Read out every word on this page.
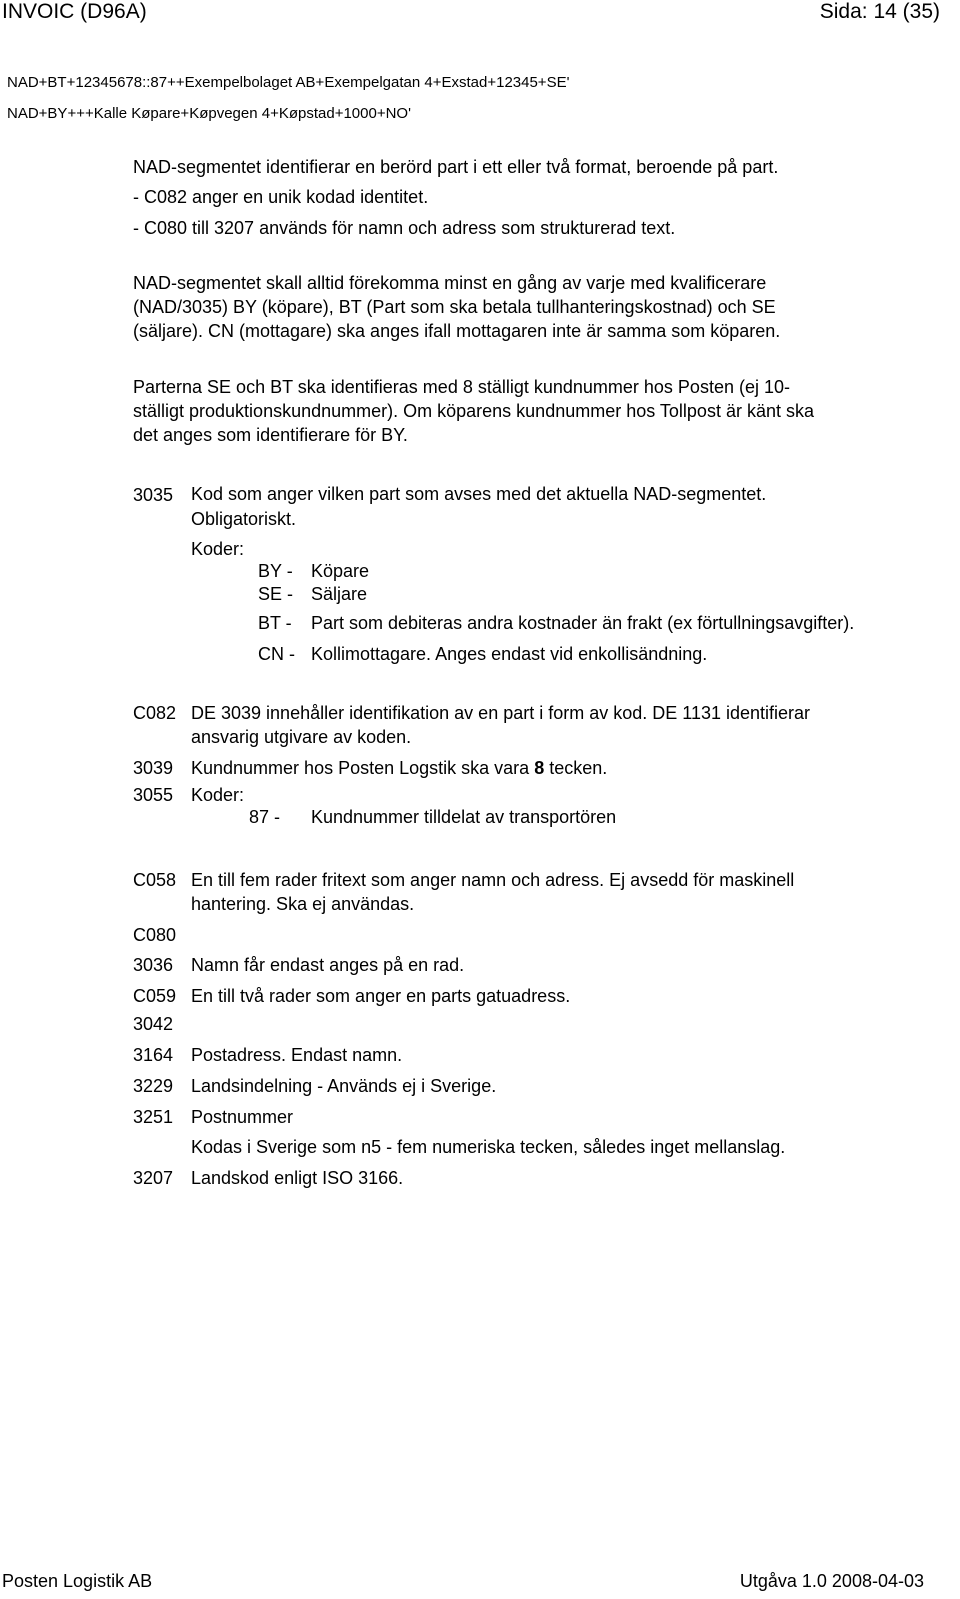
INVOIC (D96A)	Sida: 14 (35)
NAD+BT+12345678::87++Exempelbolaget AB+Exempelgatan 4+Exstad+12345+SE'
NAD+BY+++Kalle Køpare+Køpvegen 4+Køpstad+1000+NO'
NAD-segmentet identifierar en berörd part i ett eller två format, beroende på part.
- C082 anger en unik kodad identitet.
- C080 till 3207 används för namn och adress som strukturerad text.
NAD-segmentet skall alltid förekomma minst en gång av varje med kvalificerare
(NAD/3035) BY (köpare), BT (Part som ska betala tullhanteringskostnad) och SE
(säljare). CN (mottagare) ska anges ifall mottagaren inte är samma som köparen.
Parterna SE och BT ska identifieras med 8 ställigt kundnummer hos Posten (ej 10-
ställigt produktionskundnummer). Om köparens kundnummer hos Tollpost är känt ska
det anges som identifierare för BY.
3035 Kod som anger vilken part som avses med det aktuella NAD-segmentet.
Obligatoriskt.
Koder:
BY - Köpare
SE - Säljare
BT - Part som debiteras andra kostnader än frakt (ex förtullningsavgifter).
CN - Kollimottagare. Anges endast vid enkollisändning.
C082 DE 3039 innehåller identifikation av en part i form av kod. DE 1131 identifierar
ansvarig utgivare av koden.
3039 Kundnummer hos Posten Logstik ska vara 8 tecken.
3055 Koder:
87 - Kundnummer tilldelat av transportören
C058 En till fem rader fritext som anger namn och adress. Ej avsedd för maskinell
hantering. Ska ej användas.
C080
3036 Namn får endast anges på en rad.
C059 En till två rader som anger en parts gatuadress.
3042
3164 Postadress. Endast namn.
3229 Landsindelning - Används ej i Sverige.
3251 Postnummer
Kodas i Sverige som n5 - fem numeriska tecken, således inget mellanslag.
3207 Landskod enligt ISO 3166.
Posten Logistik AB	Utgåva 1.0 2008-04-03
